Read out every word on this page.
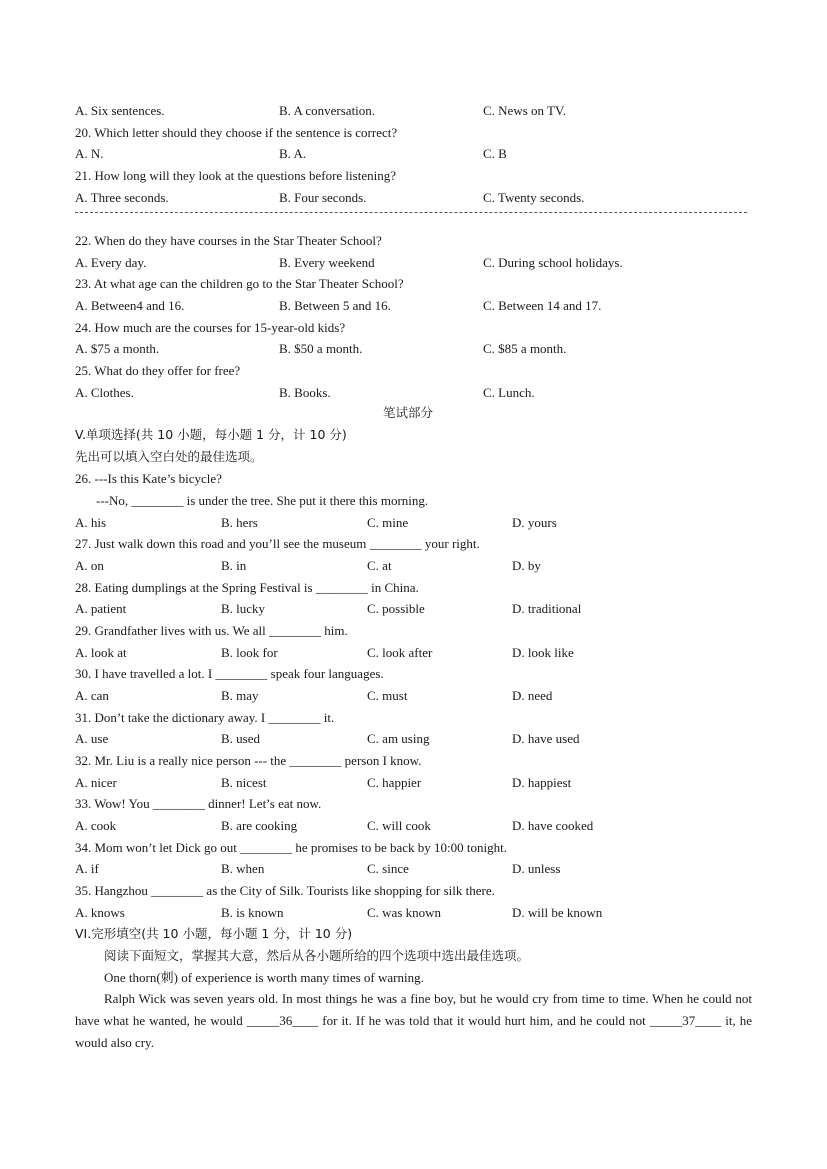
A. Six sentences.	B. A conversation.	C. News on TV.
20. Which letter should they choose if the sentence is correct?
A. N.	B. A.	C. B
21. How long will they look at the questions before listening?
A. Three seconds.	B. Four seconds.	C. Twenty seconds.
22. When do they have courses in the Star Theater School?
A. Every day.	B. Every weekend	C. During school holidays.
23. At what age can the children go to the Star Theater School?
A. Between4 and 16.	B. Between 5 and 16.	C. Between 14 and 17.
24. How much are the courses for 15-year-old kids?
A. $75 a month.	B. $50 a month.	C. $85 a month.
25. What do they offer for free?
A. Clothes.	B. Books.	C. Lunch.
笔试部分
V.单项选择(共 10 小题，每小题 1 分，计 10 分)
先出可以填入空白处的最佳选项。
26. ---Is this Kate’s bicycle?
---No, ________ is under the tree. She put it there this morning.
A. his	B. hers	C. mine	D. yours
27. Just walk down this road and you’ll see the museum ________ your right.
A. on	B. in	C. at	D. by
28. Eating dumplings at the Spring Festival is ________ in China.
A. patient	B. lucky	C. possible	D. traditional
29. Grandfather lives with us. We all ________ him.
A. look at	B. look for	C. look after	D. look like
30. I have travelled a lot. I ________ speak four languages.
A. can	B. may	C. must	D. need
31. Don’t take the dictionary away. I ________ it.
A. use	B. used	C. am using	D. have used
32. Mr. Liu is a really nice person --- the ________ person I know.
A. nicer	B. nicest	C. happier	D. happiest
33. Wow! You ________ dinner! Let’s eat now.
A. cook	B. are cooking	C. will cook	D. have cooked
34. Mom won’t let Dick go out ________ he promises to be back by 10:00 tonight.
A. if	B. when	C. since	D. unless
35. Hangzhou ________ as the City of Silk. Tourists like shopping for silk there.
A. knows	B. is known	C. was known	D. will be known
VI.完形填空(共 10 小题，每小题 1 分，计 10 分)
阅读下面短文，掌握其大意，然后从各小题所给的四个选项中选出最佳选项。
One thorn(刺) of experience is worth many times of warning.
Ralph Wick was seven years old. In most things he was a fine boy, but he would cry from time to time. When he could not have what he wanted, he would _____36____ for it. If he was told that it would hurt him, and he could not _____37____ it, he would also cry.
